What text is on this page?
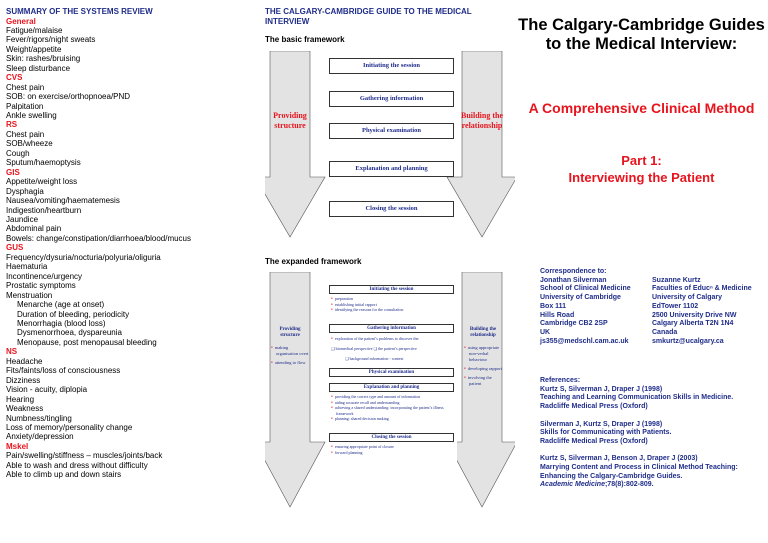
SUMMARY OF THE SYSTEMS REVIEW
General
Fatigue/malaise
Fever/rigors/night sweats
Weight/appetite
Skin: rashes/bruising
Sleep disturbance
CVS
Chest pain
SOB: on exercise/orthopnoea/PND
Palpitation
Ankle swelling
RS
Chest pain
SOB/wheeze
Cough
Sputum/haemoptysis
GIS
Appetite/weight loss
Dysphagia
Nausea/vomiting/haematemesis
Indigestion/heartburn
Jaundice
Abdominal pain
Bowels: change/constipation/diarrhoea/blood/mucus
GUS
Frequency/dysuria/nocturia/polyuria/oliguria
Haematuria
Incontinence/urgency
Prostatic symptoms
Menstruation
Menarche (age at onset)
Duration of bleeding, periodicity
Menorrhagia (blood loss)
Dysmenorrhoea, dyspareunia
Menopause, post menopausal bleeding
NS
Headache
Fits/faints/loss of consciousness
Dizziness
Vision - acuity, diplopia
Hearing
Weakness
Numbness/tingling
Loss of memory/personality change
Anxiety/depression
Mskel
Pain/swelling/stiffness – muscles/joints/back
Able to wash and dress without difficulty
Able to climb up and down stairs
THE CALGARY-CAMBRIDGE GUIDE TO THE MEDICAL
INTERVIEW
The basic framework
Providing structure
Building the relationship
Initiating the session
Gathering information
Physical examination
Explanation and planning
Closing the session
The expanded framework
Providing structure
● making organisation overt
● attending to flow
Building the relationship
● using appropriate non-verbal behaviour
● developing rapport
● involving the patient
Initiating the session
● preparation
● establishing initial rapport
● identifying the reasons for the consultation
Gathering information
● exploration of the patient’s problems to discover the:
❏ biomedical perspective ❑ the patient’s perspective
❏ background information - context
Physical examination
Explanation and planning
● providing the correct type and amount of information
● aiding accurate recall and understanding
● achieving a shared understanding: incorporating the patient’s illness framework
● planning: shared decision making
Closing the session
● ensuring appropriate point of closure
● forward planning
The Calgary-Cambridge Guides
to the Medical Interview:
A Comprehensive Clinical Method
Part 1:
Interviewing the Patient
Correspondence to:
Jonathan Silverman
School of Clinical Medicine
University of Cambridge
Box 111
Hills Road
Cambridge CB2 2SP
UK
js355@medschl.cam.ac.uk
Suzanne Kurtz
Faculties of Educⁿ & Medicine
University of Calgary
EdTower 1102
2500 University Drive NW
Calgary Alberta T2N 1N4
Canada
smkurtz@ucalgary.ca
References:
Kurtz S, Silverman J, Draper J (1998)
Teaching and Learning Communication Skills in Medicine.
Radcliffe Medical Press (Oxford)
Silverman J, Kurtz S, Draper J (1998)
Skills for Communicating with Patients.
Radcliffe Medical Press (Oxford)
Kurtz S, Silverman J, Benson J, Draper J (2003)
Marrying Content and Process in Clinical Method Teaching:
Enhancing the Calgary-Cambridge Guides.
Academic Medicine;78(8):802-809.
